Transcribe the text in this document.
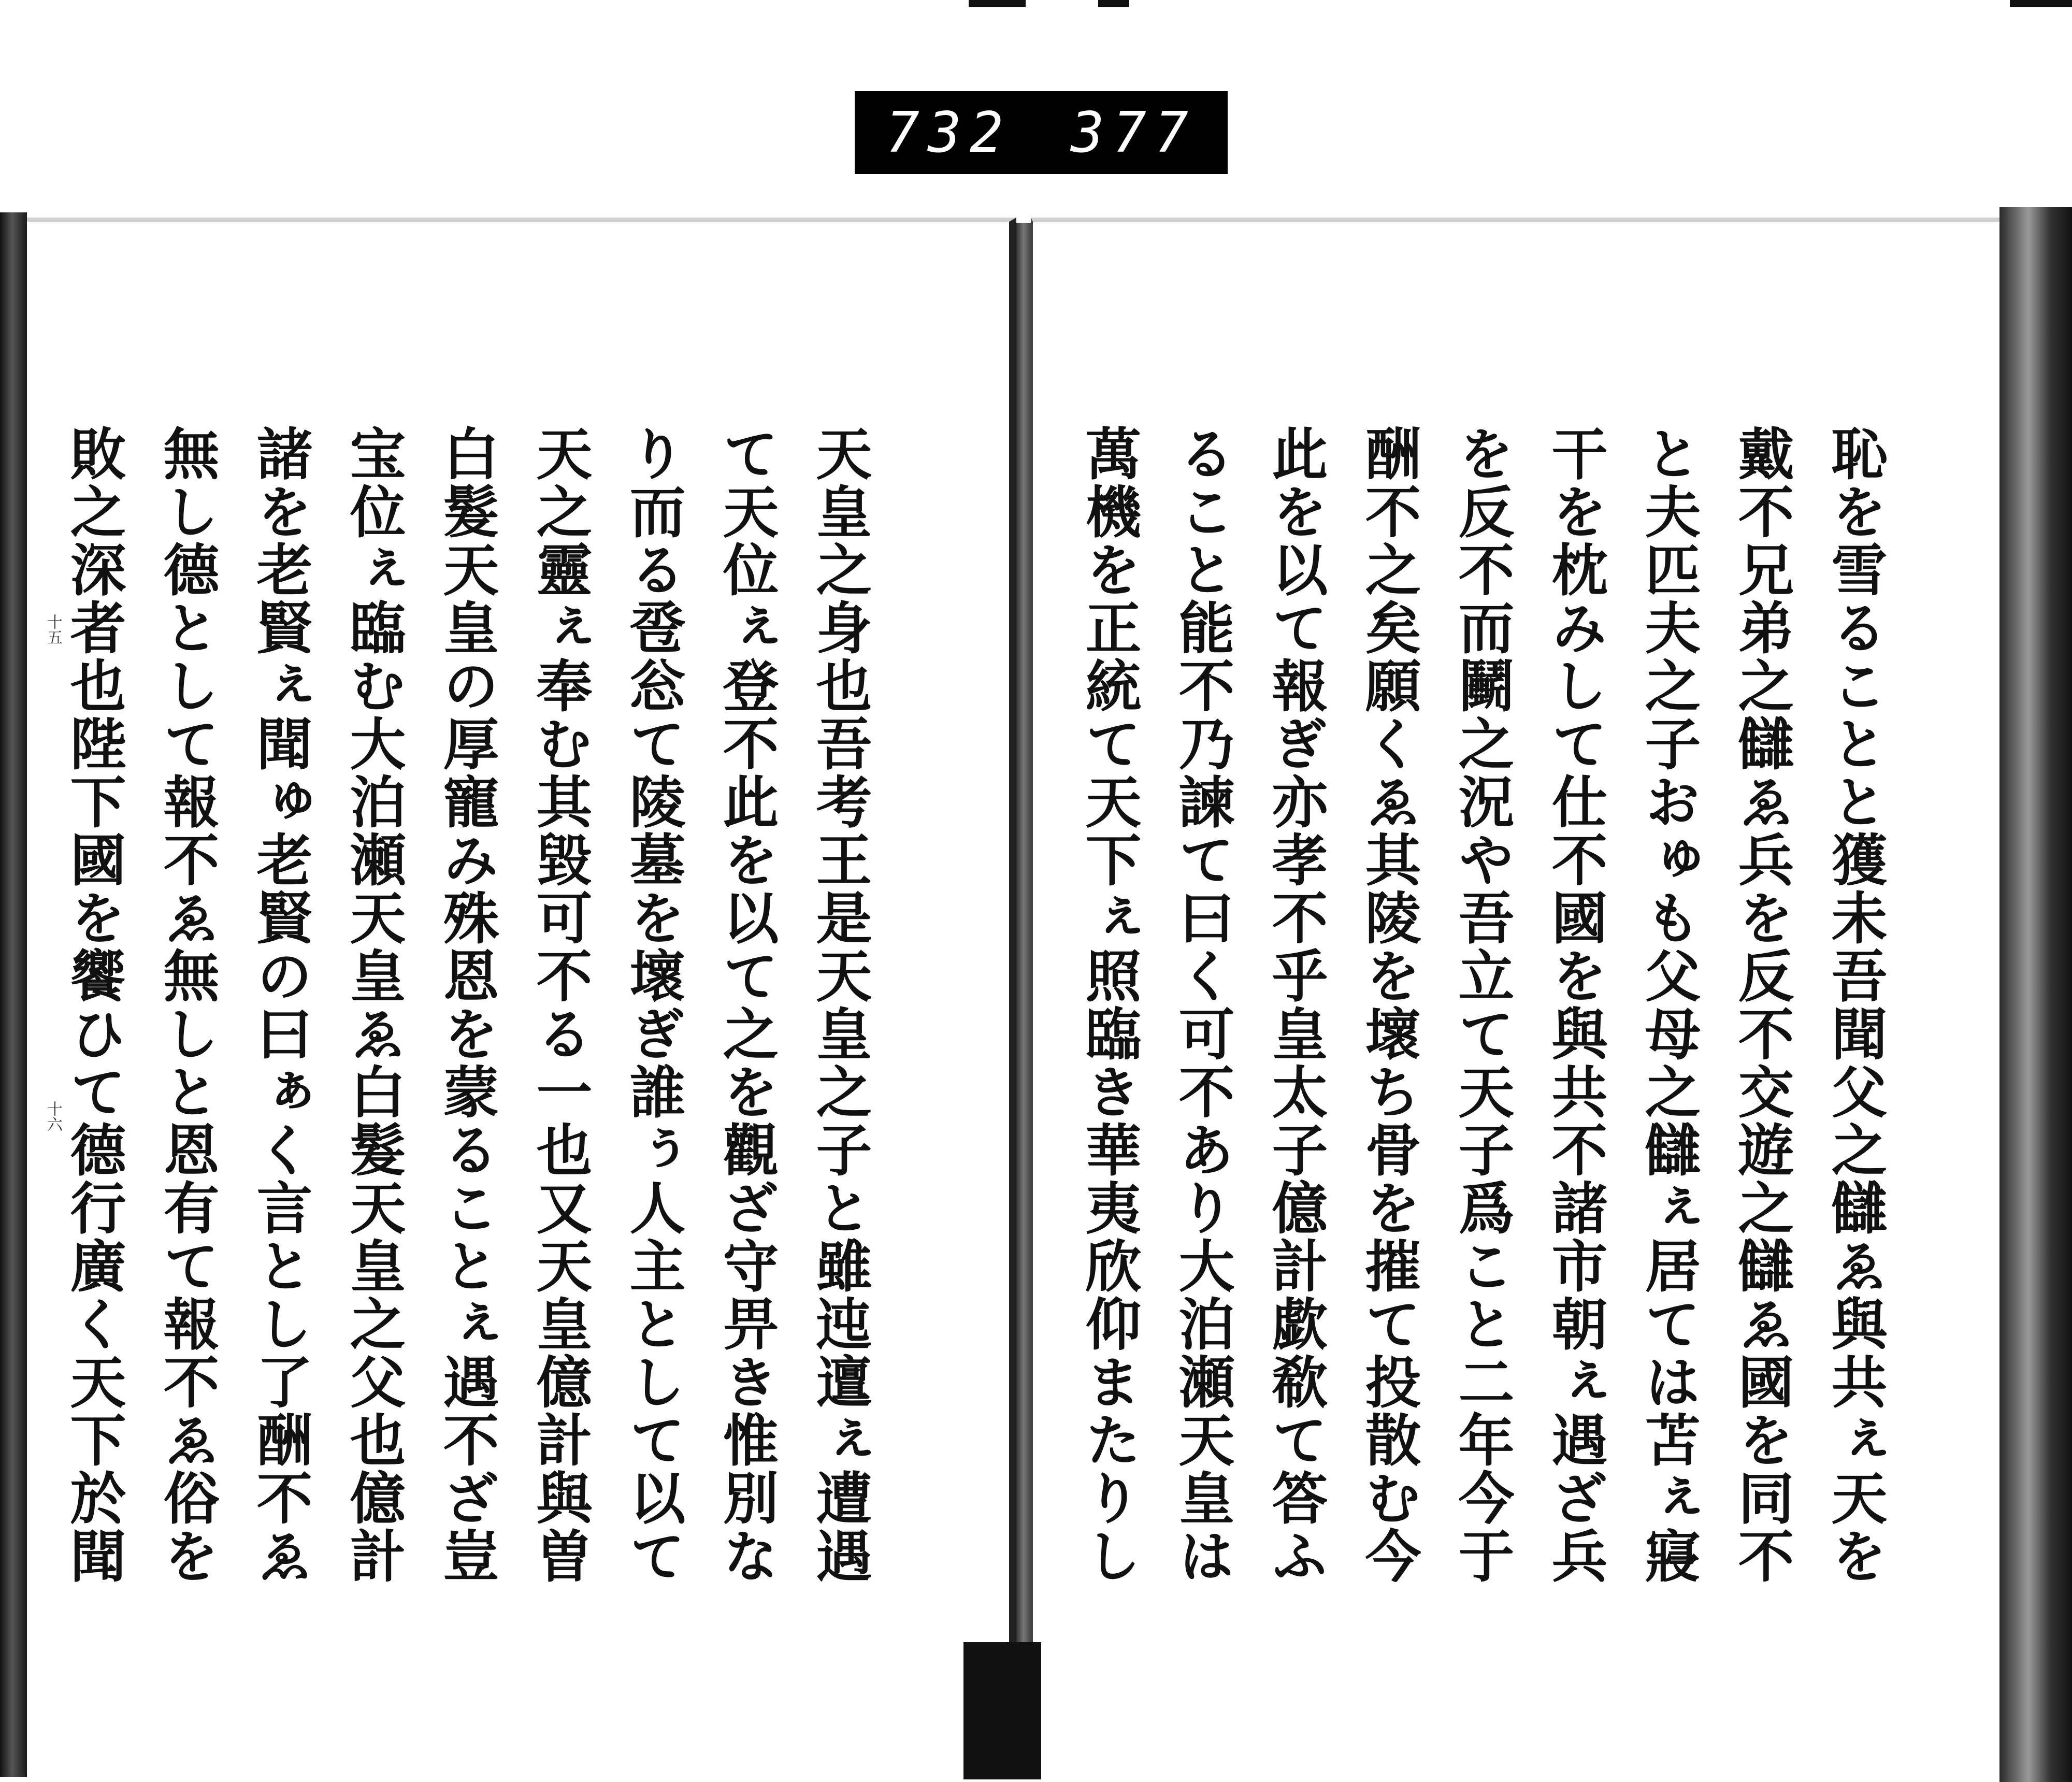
732 377
十五
十六	天皇之身也吾考王是天皇之子と雖迍邅ぇ遭遇
て天位ぇ登不此を以て之を觀ざ守畀き惟別な
り而る卺忩て陵墓を壞ぎ誰ぅ人主として以て
天之靈ぇ奉む其毀可不る一也又天皇億計與曽
白髮天皇の厚寵み殊恩を蒙ることぇ遇不ざ豈
宝位ぇ臨む大泊瀬天皇ゑ白髮天皇之父也億計
諸を老賢ぇ聞ゅ老賢の曰ぁく言とし了酬不ゑ
無し德として報不ゑ無しと恩有て報不ゑ俗を
敗之深者也陛下國を饗ひて德行廣く天下於聞	恥を雪ることと獲未吾聞父之讎ゑ與共ぇ天を
戴不兄弟之讎ゑ兵を反不交遊之讎ゑ國を同不
と夫匹夫之子おゅも父母之讎ぇ居ては苫ぇ寢
干を枕みして仕不國を與共不諸市朝ぇ遇ざ兵
を反不而鬭之況や吾立て天子爲こと二年今于
酬不之矣願くゑ其陵を壞ち骨を摧て投散む今
此を以て報ぎ亦孝不乎皇太子億計歔欷て答ふ
ること能不乃諫て曰く可不あり大泊瀬天皇は
萬機を正統て天下ぇ照臨き華夷欣仰またりし
